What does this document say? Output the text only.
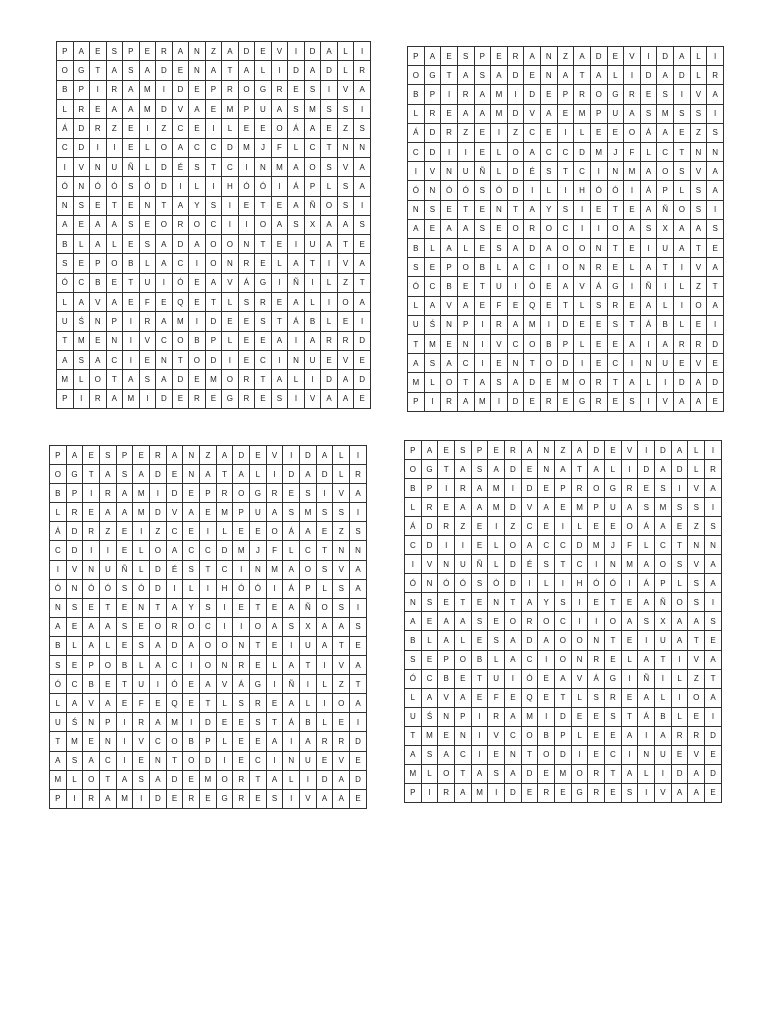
P	A	E	S	P	E	R	A	N	Z	A	D	E	V	I	D	A	L	I
O	G	T	A	S	A	D	E	N	A	T	A	L	I	D	A	D	L	R
B	P	I	R	A	M	I	D	E	P	R	O	G	R	E	S	I	V	A
L	R	E	A	A	M	D	V	A	E	M	P	U	A	S	M	S	S	I
Á	D	R	Z	E	I	Z	C	E	I	L	E	E	O	Á	A	E	Z	S
C	D	I	I	E	L	O	A	C	C	D	M	J	F	L	C	T	N	N
I	V	N	U	Ñ	L	D	É	S	T	C	I	N	M	A	O	S	V	A
Ó	N	Ó	Ó	S	Ó	D	I	L	I	H	Ó	Ó	I	Á	P	L	S	A
N	S	E	T	E	N	T	A	Y	S	I	E	T	E	A	Ñ	O	S	I
A	E	A	A	S	E	O	R	O	C	I	I	O	A	S	X	A	A	S
B	L	A	L	E	S	A	D	A	O	O	N	T	E	I	U	A	T	E
S	E	P	O	B	L	A	C	I	O	N	R	E	L	A	T	I	V	A
Ó	C	B	E	T	U	I	Ó	E	A	V	Á	G	I	Ñ	I	L	Z	T
L	A	V	A	E	F	E	Q	E	T	L	S	R	E	A	L	I	O	A
U	Ś	N	P	I	R	A	M	I	D	E	E	S	T	Á	B	L	E	I
T	M	E	N	I	V	C	O	B	P	L	E	E	A	I	A	R	R	D
A	S	A	C	I	E	N	T	O	D	I	E	C	I	N	U	E	V	E
M	L	O	T	A	S	A	D	E	M	O	R	T	A	L	I	D	A	D
P	I	R	A	M	I	D	E	R	E	G	R	E	S	I	V	A	A	E
P	A	E	S	P	E	R	A	N	Z	A	D	E	V	I	D	A	L	I
O	G	T	A	S	A	D	E	N	A	T	A	L	I	D	A	D	L	R
B	P	I	R	A	M	I	D	E	P	R	O	G	R	E	S	I	V	A
L	R	E	A	A	M	D	V	A	E	M	P	U	A	S	M	S	S	I
Á	D	R	Z	E	I	Z	C	E	I	L	E	E	O	Á	A	E	Z	S
C	D	I	I	E	L	O	A	C	C	D	M	J	F	L	C	T	N	N
I	V	N	U	Ñ	L	D	É	S	T	C	I	N	M	A	O	S	V	A
Ó	N	Ó	Ó	S	Ó	D	I	L	I	H	Ó	Ó	I	Á	P	L	S	A
N	S	E	T	E	N	T	A	Y	S	I	E	T	E	A	Ñ	O	S	I
A	E	A	A	S	E	O	R	O	C	I	I	O	A	S	X	A	A	S
B	L	A	L	E	S	A	D	A	O	O	N	T	E	I	U	A	T	E
S	E	P	O	B	L	A	C	I	O	N	R	E	L	A	T	I	V	A
Ó	C	B	E	T	U	I	Ó	E	A	V	Á	G	I	Ñ	I	L	Z	T
L	A	V	A	E	F	E	Q	E	T	L	S	R	E	A	L	I	O	A
U	Ś	N	P	I	R	A	M	I	D	E	E	S	T	Á	B	L	E	I
T	M	E	N	I	V	C	O	B	P	L	E	E	A	I	A	R	R	D
A	S	A	C	I	E	N	T	O	D	I	E	C	I	N	U	E	V	E
M	L	O	T	A	S	A	D	E	M	O	R	T	A	L	I	D	A	D
P	I	R	A	M	I	D	E	R	E	G	R	E	S	I	V	A	A	E
P	A	E	S	P	E	R	A	N	Z	A	D	E	V	I	D	A	L	I
O	G	T	A	S	A	D	E	N	A	T	A	L	I	D	A	D	L	R
B	P	I	R	A	M	I	D	E	P	R	O	G	R	E	S	I	V	A
L	R	E	A	A	M	D	V	A	E	M	P	U	A	S	M	S	S	I
Á	D	R	Z	E	I	Z	C	E	I	L	E	E	O	Á	A	E	Z	S
C	D	I	I	E	L	O	A	C	C	D	M	J	F	L	C	T	N	N
I	V	N	U	Ñ	L	D	É	S	T	C	I	N	M	A	O	S	V	A
Ó	N	Ó	Ó	S	Ó	D	I	L	I	H	Ó	Ó	I	Á	P	L	S	A
N	S	E	T	E	N	T	A	Y	S	I	E	T	E	A	Ñ	O	S	I
A	E	A	A	S	E	O	R	O	C	I	I	O	A	S	X	A	A	S
B	L	A	L	E	S	A	D	A	O	O	N	T	E	I	U	A	T	E
S	E	P	O	B	L	A	C	I	O	N	R	E	L	A	T	I	V	A
Ó	C	B	E	T	U	I	Ó	E	A	V	Á	G	I	Ñ	I	L	Z	T
L	A	V	A	E	F	E	Q	E	T	L	S	R	E	A	L	I	O	A
U	Ś	N	P	I	R	A	M	I	D	E	E	S	T	Á	B	L	E	I
T	M	E	N	I	V	C	O	B	P	L	E	E	A	I	A	R	R	D
A	S	A	C	I	E	N	T	O	D	I	E	C	I	N	U	E	V	E
M	L	O	T	A	S	A	D	E	M	O	R	T	A	L	I	D	A	D
P	I	R	A	M	I	D	E	R	E	G	R	E	S	I	V	A	A	E
P	A	E	S	P	E	R	A	N	Z	A	D	E	V	I	D	A	L	I
O	G	T	A	S	A	D	E	N	A	T	A	L	I	D	A	D	L	R
B	P	I	R	A	M	I	D	E	P	R	O	G	R	E	S	I	V	A
L	R	E	A	A	M	D	V	A	E	M	P	U	A	S	M	S	S	I
Á	D	R	Z	E	I	Z	C	E	I	L	E	E	O	Á	A	E	Z	S
C	D	I	I	E	L	O	A	C	C	D	M	J	F	L	C	T	N	N
I	V	N	U	Ñ	L	D	É	S	T	C	I	N	M	A	O	S	V	A
Ó	N	Ó	Ó	S	Ó	D	I	L	I	H	Ó	Ó	I	Á	P	L	S	A
N	S	E	T	E	N	T	A	Y	S	I	E	T	E	A	Ñ	O	S	I
A	E	A	A	S	E	O	R	O	C	I	I	O	A	S	X	A	A	S
B	L	A	L	E	S	A	D	A	O	O	N	T	E	I	U	A	T	E
S	E	P	O	B	L	A	C	I	O	N	R	E	L	A	T	I	V	A
Ó	C	B	E	T	U	I	Ó	E	A	V	Á	G	I	Ñ	I	L	Z	T
L	A	V	A	E	F	E	Q	E	T	L	S	R	E	A	L	I	O	A
U	Ś	N	P	I	R	A	M	I	D	E	E	S	T	Á	B	L	E	I
T	M	E	N	I	V	C	O	B	P	L	E	E	A	I	A	R	R	D
A	S	A	C	I	E	N	T	O	D	I	E	C	I	N	U	E	V	E
M	L	O	T	A	S	A	D	E	M	O	R	T	A	L	I	D	A	D
P	I	R	A	M	I	D	E	R	E	G	R	E	S	I	V	A	A	E
